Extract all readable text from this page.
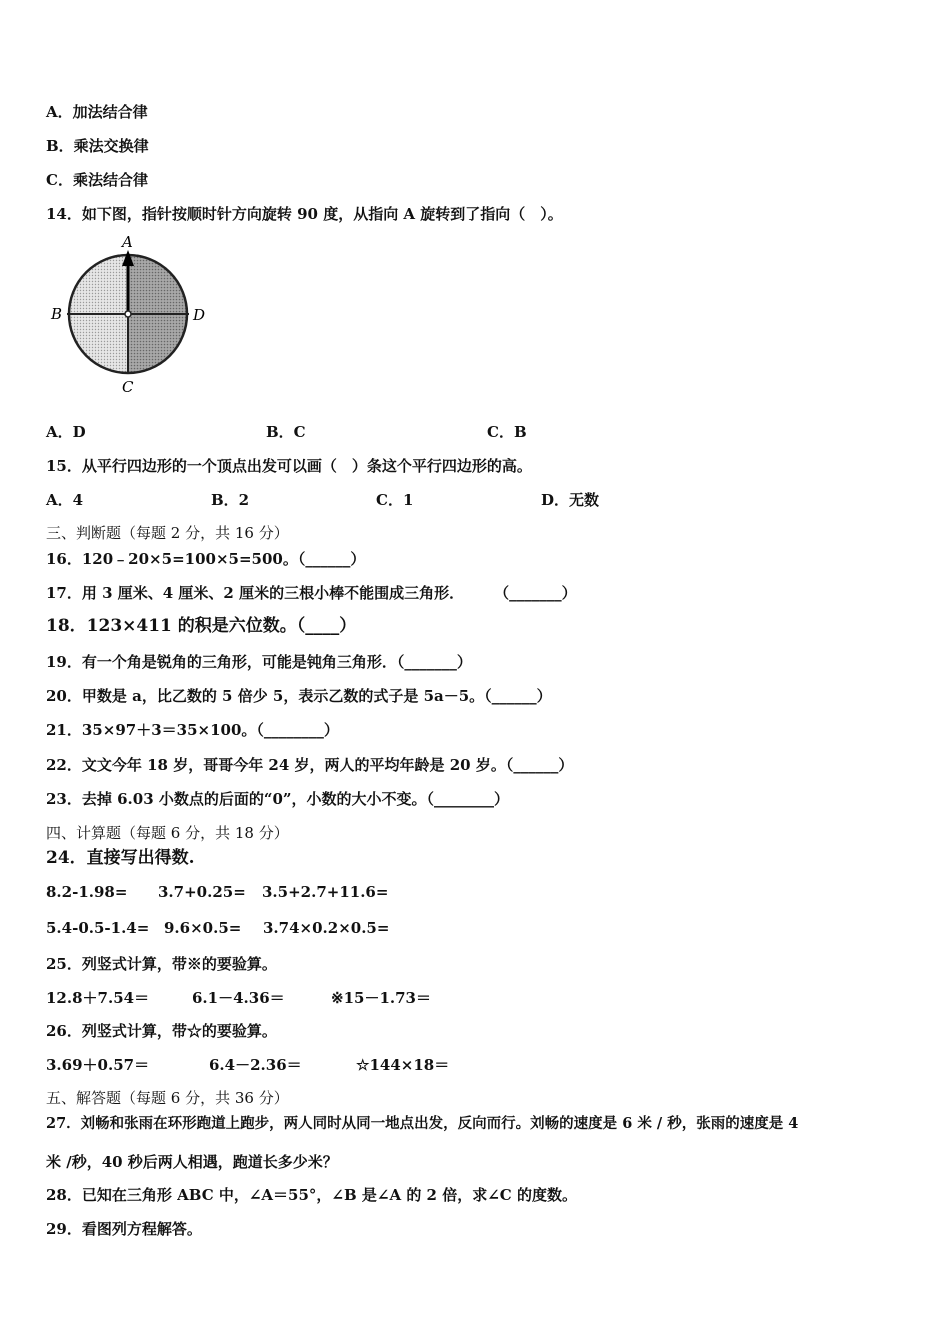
A．加法结合律
B．乘法交换律
C．乘法结合律
14．如下图，指针按顺时针方向旋转 90 度，从指向 A 旋转到了指向（　）。
A
B	D
C
A．D	B．C	C．B
15．从平行四边形的一个顶点出发可以画（　）条这个平行四边形的高。
A．4	B．2	C．1	D．无数
三、判断题（每题 2 分，共 16 分）
16．120﹣20×5=100×5=500。（______）
17．用 3 厘米、4 厘米、2 厘米的三根小棒不能围成三角形．　　　（_______）
18．123×411 的积是六位数。（____）
19．有一个角是锐角的三角形，可能是钝角三角形．（_______）
20．甲数是 a，比乙数的 5 倍少 5，表示乙数的式子是 5a－5。（______）
21．35×97＋3＝35×100。（________）
22．文文今年 18 岁，哥哥今年 24 岁，两人的平均年龄是 20 岁。（______）
23．去掉 6.03 小数点的后面的“0”，小数的大小不变。（________）
四、计算题（每题 6 分，共 18 分）
24．直接写出得数.
8.2-1.98= 3.7+0.25= 3.5+2.7+11.6=
5.4-0.5-1.4= 9.6×0.5= 3.74×0.2×0.5=
25．列竖式计算，带※的要验算。
12.8＋7.54＝	6.1－4.36＝	※15－1.73＝
26．列竖式计算，带☆的要验算。
3.69＋0.57＝	6.4－2.36＝	☆144×18＝
五、解答题（每题 6 分，共 36 分）
27．刘畅和张雨在环形跑道上跑步，两人同时从同一地点出发，反向而行。刘畅的速度是 6 米 / 秒，张雨的速度是 4
米 /秒，40 秒后两人相遇，跑道长多少米？
28．已知在三角形 ABC 中，∠A＝55°，∠B 是∠A 的 2 倍，求∠C 的度数。
29．看图列方程解答。
